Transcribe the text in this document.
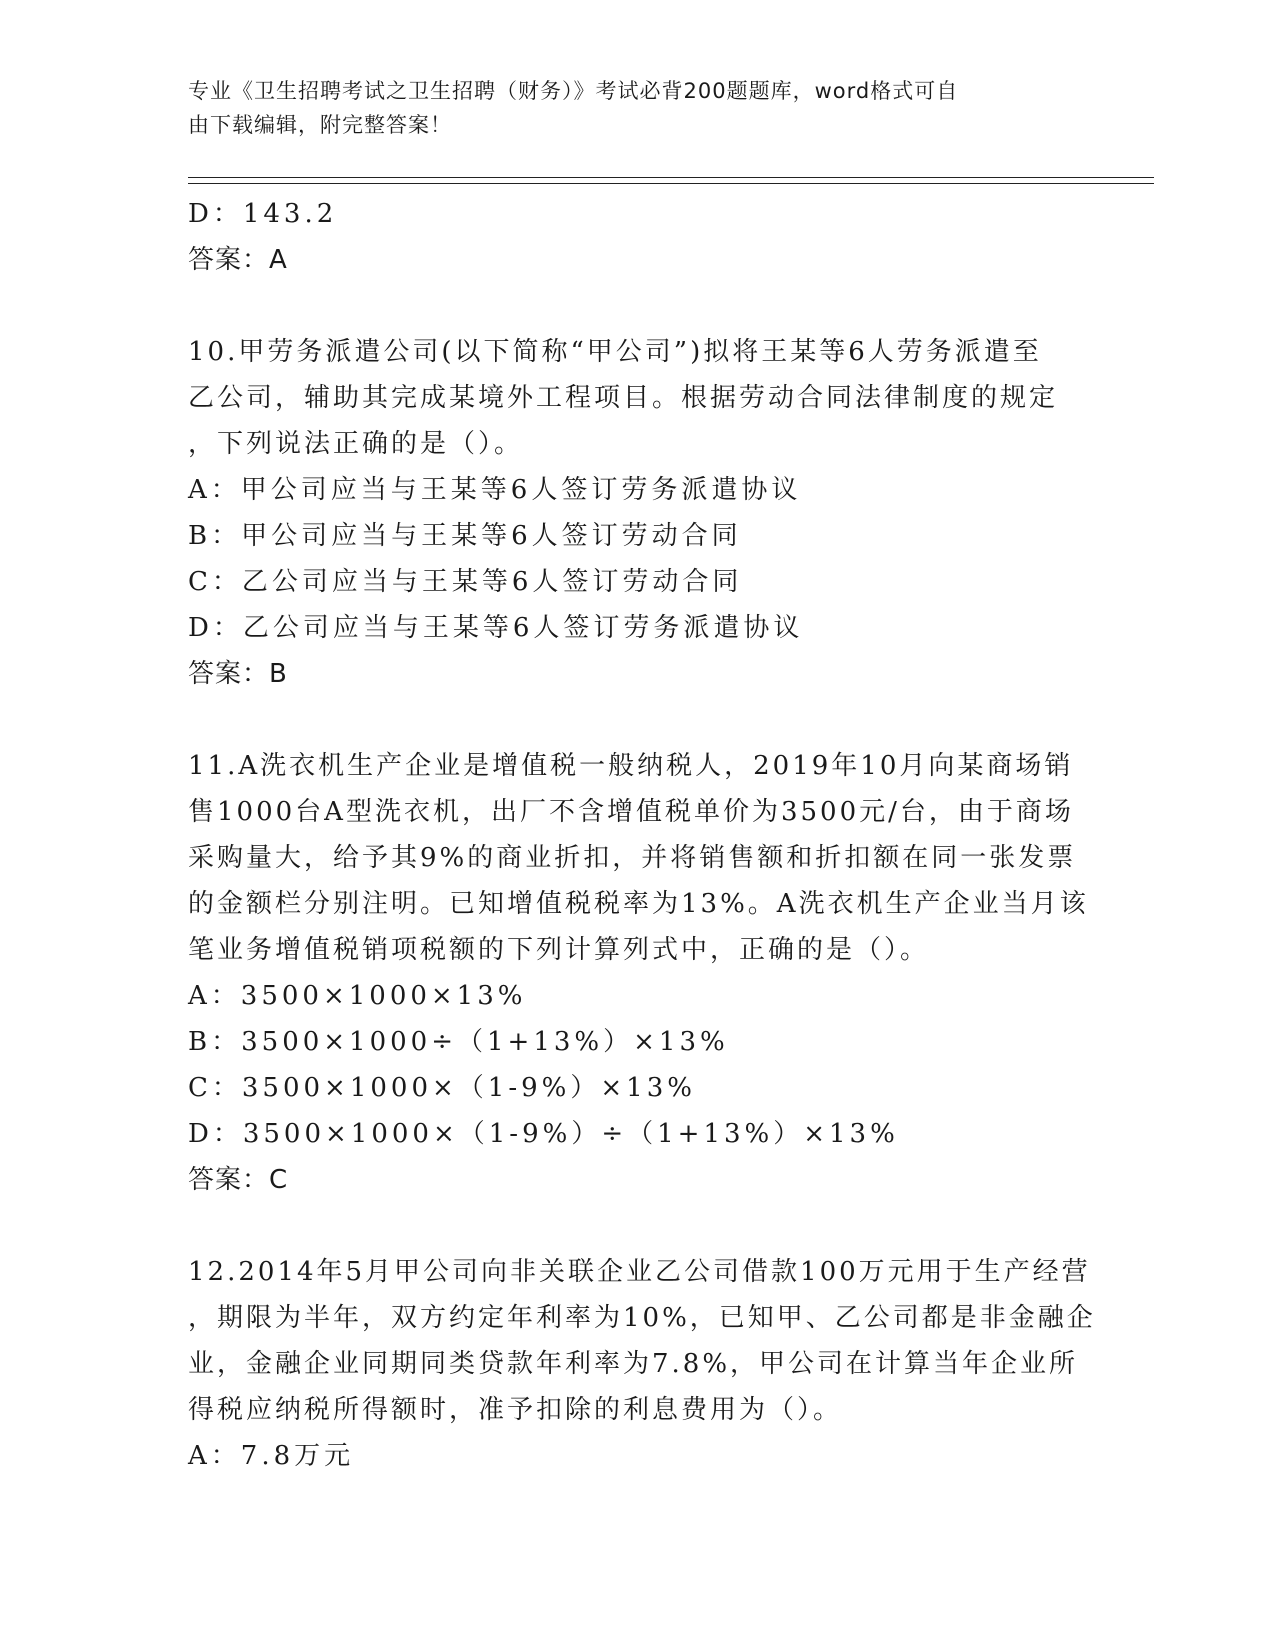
专业《卫生招聘考试之卫生招聘（财务）》考试必背200题题库，word格式可自
由下载编辑，附完整答案！
D：143.2
答案：A
10.甲劳务派遣公司(以下简称“甲公司”)拟将王某等6人劳务派遣至
乙公司，辅助其完成某境外工程项目。根据劳动合同法律制度的规定
，下列说法正确的是（）。
A：甲公司应当与王某等6人签订劳务派遣协议
B：甲公司应当与王某等6人签订劳动合同
C：乙公司应当与王某等6人签订劳动合同
D：乙公司应当与王某等6人签订劳务派遣协议
答案：B
11.A洗衣机生产企业是增值税一般纳税人，2019年10月向某商场销
售1000台A型洗衣机，出厂不含增值税单价为3500元/台，由于商场
采购量大，给予其9%的商业折扣，并将销售额和折扣额在同一张发票
的金额栏分别注明。已知增值税税率为13%。A洗衣机生产企业当月该
笔业务增值税销项税额的下列计算列式中，正确的是（）。
A：3500×1000×13%
B：3500×1000÷（1+13%）×13%
C：3500×1000×（1-9%）×13%
D：3500×1000×（1-9%）÷（1+13%）×13%
答案：C
12.2014年5月甲公司向非关联企业乙公司借款100万元用于生产经营
，期限为半年，双方约定年利率为10%，已知甲、乙公司都是非金融企
业，金融企业同期同类贷款年利率为7.8%，甲公司在计算当年企业所
得税应纳税所得额时，准予扣除的利息费用为（）。
A：7.8万元
